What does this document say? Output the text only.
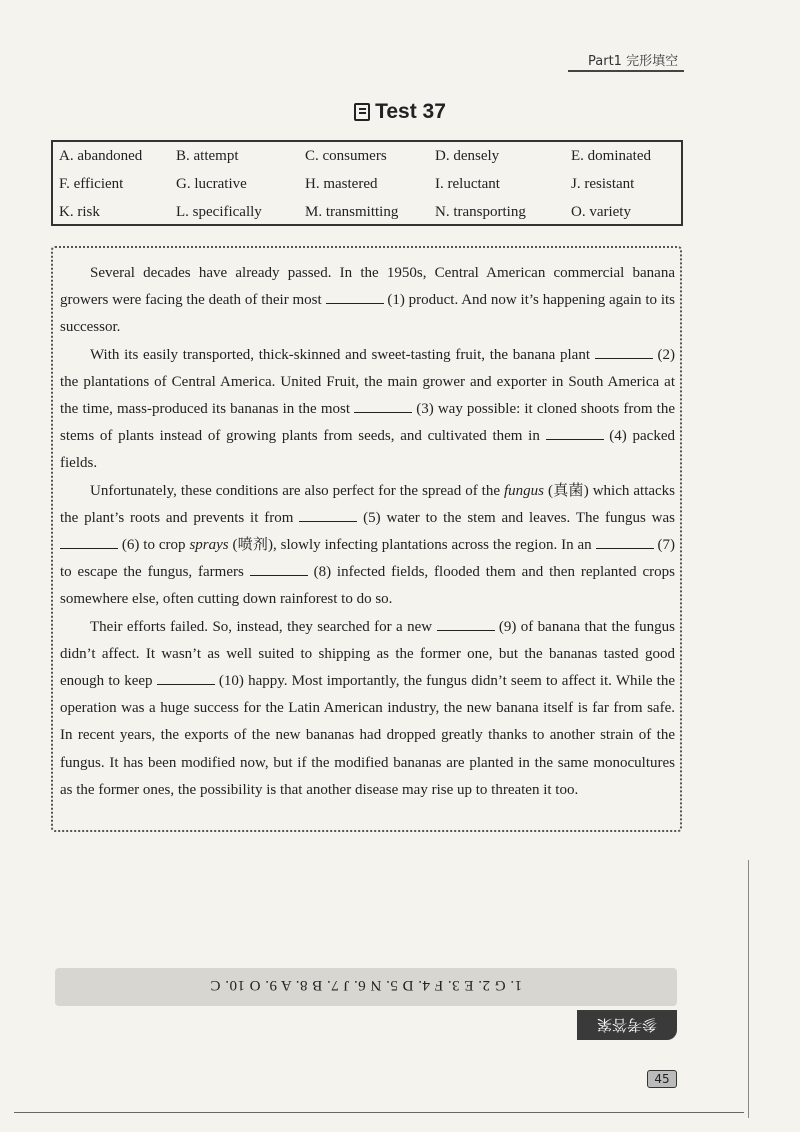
Part1 完形填空
Test 37
A. abandoned B. attempt	C. consumers	D. densely	E. dominated
F. efficient	G. lucrative	H. mastered	I. reluctant	J. resistant
K. risk	L. specifically	M. transmitting N. transporting	O. variety

Several decades have already passed. In the 1950s, Central American commercial banana growers were facing the death of their most	(1) product. And now it’s happening again to its successor.

With its easily transported, thick-skinned and sweet-tasting fruit, the banana plant	(2) the plantations of Central America. United Fruit, the main grower and exporter in South America at the time, mass-produced its bananas in the most	(3) way possible: it cloned shoots from the stems of plants instead of growing plants from seeds, and cultivated them in	(4) packed fields.

Unfortunately, these conditions are also perfect for the spread of the fungus (真菌) which attacks the plant’s roots and prevents it from	(5) water to the stem and leaves. The fungus was  (6) to crop sprays (喷剂), slowly infecting plantations across the region. In an	(7) to escape the fungus, farmers	(8) infected fields, flooded them and then replanted crops somewhere else, often cutting down rainforest to do so.

Their efforts failed. So, instead, they searched for a new	(9) of banana that the fungus didn’t affect. It wasn’t as well suited to shipping as the former one, but the bananas tasted good enough to keep	(10) happy. Most importantly, the fungus didn’t seem to affect it. While the operation was a huge success for the Latin American industry, the new banana itself is far from safe. In recent years, the exports of the new bananas had dropped greatly thanks to another strain of the fungus. It has been modified now, but if the modified bananas are planted in the same monocultures as the former ones, the possibility is that another disease may rise up to threaten it too.

1. G 2. E 3. F 4. D 5. N 6. J 7. B 8. A 9. O 10. C
参考答案
45
